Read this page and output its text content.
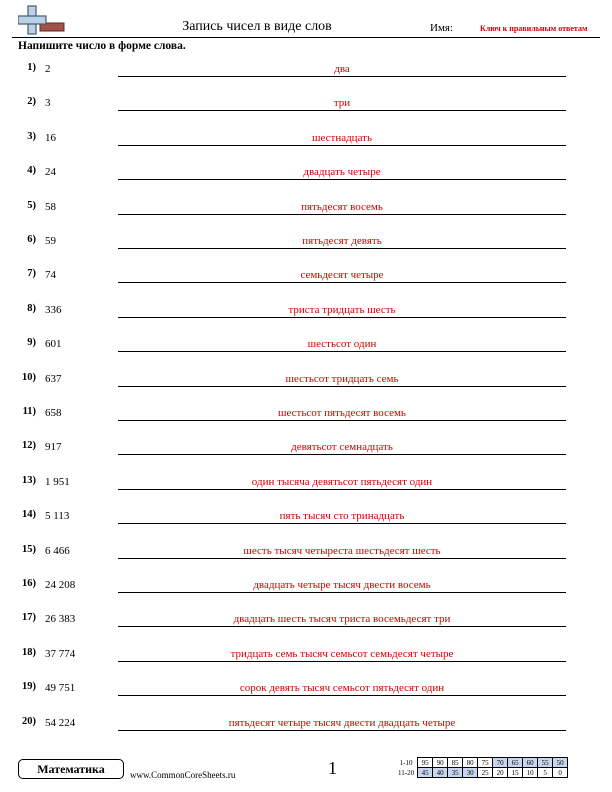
Запись чисел в виде слов	Имя:	Ключ к правильным ответам
Напишите число в форме слова.
1) 2	два
2) 3	три
3) 16	шестнадцать
4) 24	двадцать четыре
5) 58	пятьдесят восемь
6) 59	пятьдесят девять
7) 74	семьдесят четыре
8) 336	триста тридцать шесть
9) 601	шестьсот один
10) 637	шестьсот тридцать семь
11) 658	шестьсот пятьдесят восемь
12) 917	девятьсот семнадцать
13) 1 951	один тысяча девятьсот пятьдесят один
14) 5 113	пять тысяч сто тринадцать
15) 6 466	шесть тысяч четыреста шестьдесят шесть
16) 24 208	двадцать четыре тысяч двести восемь
17) 26 383	двадцать шесть тысяч триста восемьдесят три
18) 37 774	тридцать семь тысяч семьсот семьдесят четыре
19) 49 751	сорок девять тысяч семьсот пятьдесят один
20) 54 224	пятьдесят четыре тысяч двести двадцать четыре
Математика	www.CommonCoreSheets.ru	1	1-10	95	90	85	80	75	70	65	60	55	50
11-20	45	40	35	30	25	20	15	10	5	0
